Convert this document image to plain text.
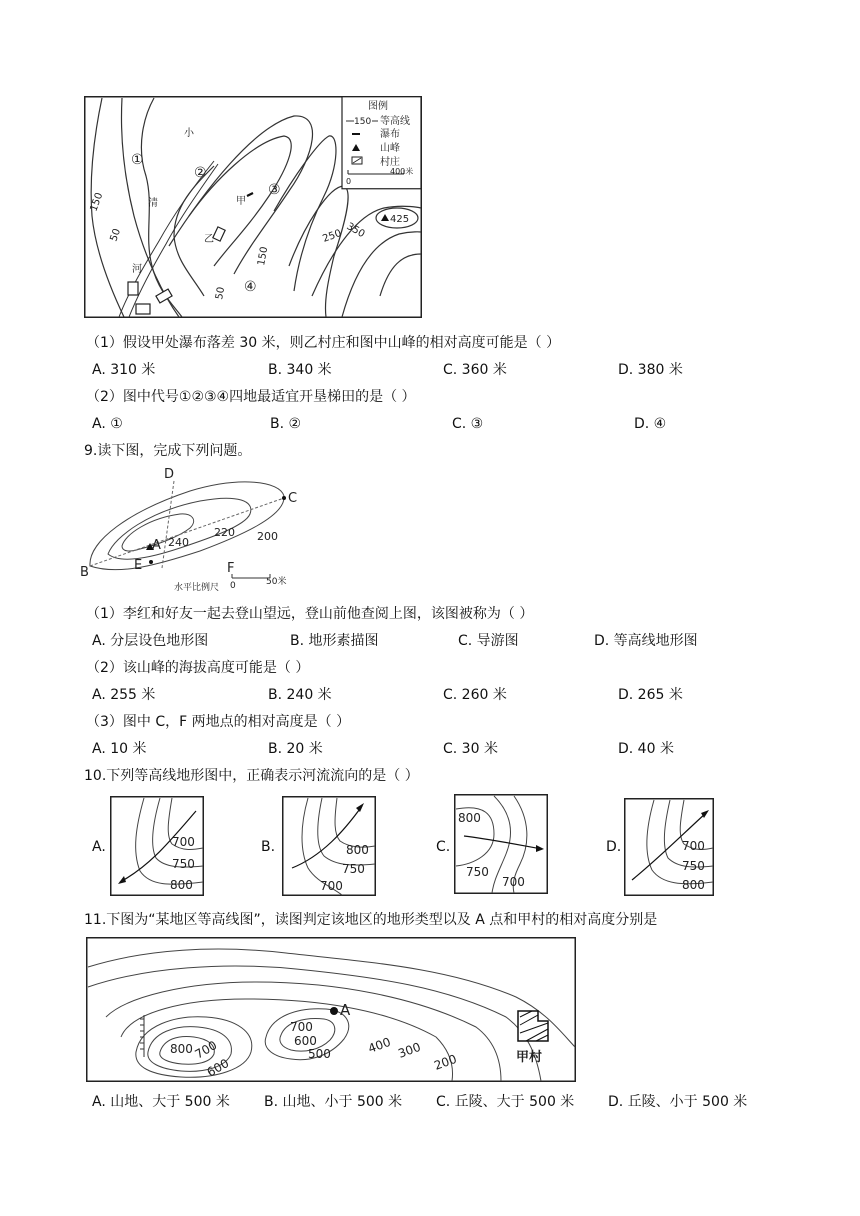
425
①
②
③
④
小
清
河
甲
乙
150
50	250 350
150
50
图例
150 等高线
瀑布
山峰
村庄
0
400米
（1）假设甲处瀑布落差 30 米，则乙村庄和图中山峰的相对高度可能是（ ）
A. 310 米	B. 340 米	C. 360 米	D. 380 米
（2）图中代号①②③④四地最适宜开垦梯田的是（ ）
A. ①	B. ②	C. ③	D. ④
9.读下图，完成下列问题。
D
C
A
B	E	F
240
220 200
水平比例尺 0	50米
（1）李红和好友一起去登山望远，登山前他查阅上图，该图被称为（ ）
A. 分层设色地形图	B. 地形素描图	C. 导游图	D. 等高线地形图
（2）该山峰的海拔高度可能是（ ）
A. 255 米	B. 240 米	C. 260 米	D. 265 米
（3）图中 C，F 两地点的相对高度是（ ）
A. 10 米	B. 20 米	C. 30 米	D. 40 米
10.下列等高线地形图中，正确表示河流流向的是（ ）
A.	700
750
800
B.	800
750
700
C.
800
750
700
D.	700
750
800
11.下图为“某地区等高线图”，读图判定该地区的地形类型以及 A 点和甲村的相对高度分别是
A
800 700
600
700
600
500	400 300
200	甲村
A. 山地、大于 500 米 B. 山地、小于 500 米 C. 丘陵、大于 500 米 D. 丘陵、小于 500 米
